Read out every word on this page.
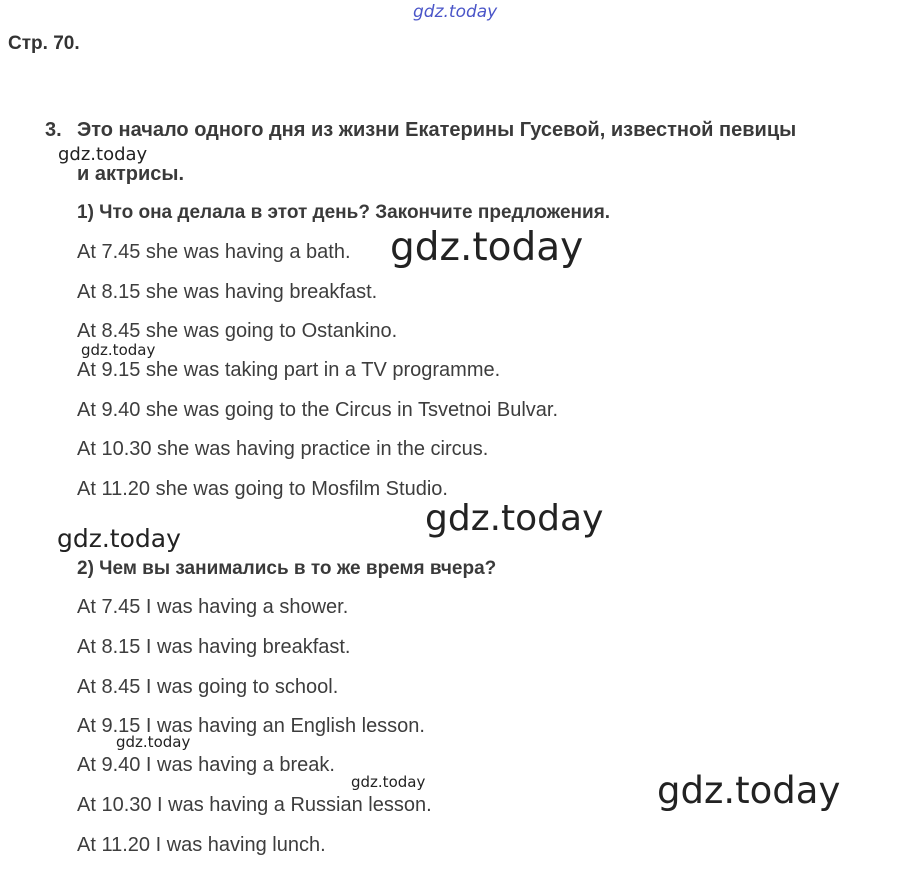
Стр. 70.
3. Это начало одного дня из жизни Екатерины Гусевой, известной певицы
и актрисы.
1) Что она делала в этот день? Закончите предложения.
At 7.45 she was having a bath.
At 8.15 she was having breakfast.
At 8.45 she was going to Ostankino.
At 9.15 she was taking part in a TV programme.
At 9.40 she was going to the Circus in Tsvetnoi Bulvar.
At 10.30 she was having practice in the circus.
At 11.20 she was going to Mosfilm Studio.
2) Чем вы занимались в то же время вчера?
At 7.45 I was having a shower.
At 8.15 I was having breakfast.
At 8.45 I was going to school.
At 9.15 I was having an English lesson.
At 9.40 I was having a break.
At 10.30 I was having a Russian lesson.
At 11.20 I was having lunch.
gdz.today
gdz.today
gdz.today
gdz.today
gdz.today
gdz.today
gdz.today
gdz.today	gdz.today
